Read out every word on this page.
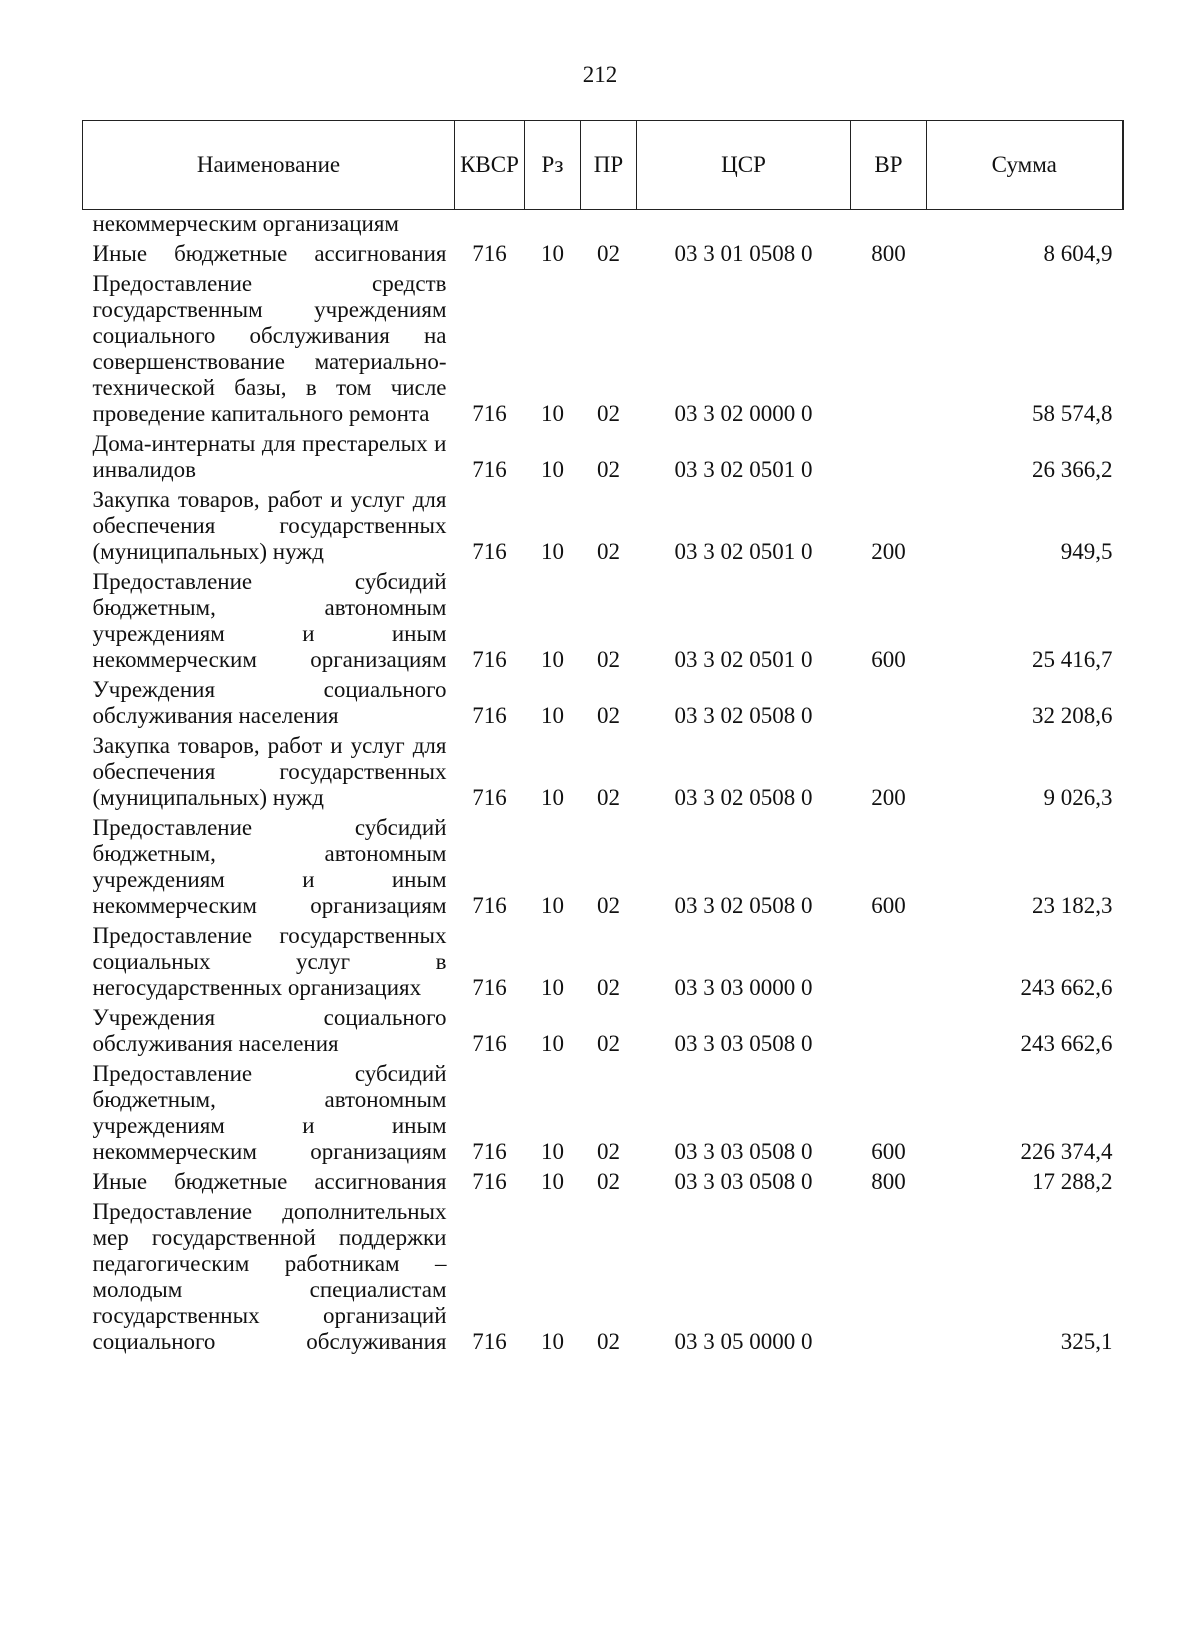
212
Наименование	КВСР	Рз	ПР	ЦСР	ВР	Сумма
некоммерческим организациям						
Иные бюджетные ассигнования	716	10	02	03 3 01 0508 0	800	8 604,9
Предоставление средств государственным учреждениям социального обслуживания на совершенствование материально-технической базы, в том числе проведение капитального ремонта	716	10	02	03 3 02 0000 0		58 574,8
Дома-интернаты для престарелых и инвалидов	716	10	02	03 3 02 0501 0		26 366,2
Закупка товаров, работ и услуг для обеспечения государственных (муниципальных) нужд	716	10	02	03 3 02 0501 0	200	949,5
Предоставление субсидий бюджетным, автономным учреждениям и иным некоммерческим организациям	716	10	02	03 3 02 0501 0	600	25 416,7
Учреждения социального обслуживания населения	716	10	02	03 3 02 0508 0		32 208,6
Закупка товаров, работ и услуг для обеспечения государственных (муниципальных) нужд	716	10	02	03 3 02 0508 0	200	9 026,3
Предоставление субсидий бюджетным, автономным учреждениям и иным некоммерческим организациям	716	10	02	03 3 02 0508 0	600	23 182,3
Предоставление государственных социальных услуг в негосударственных организациях	716	10	02	03 3 03 0000 0		243 662,6
Учреждения социального обслуживания населения	716	10	02	03 3 03 0508 0		243 662,6
Предоставление субсидий бюджетным, автономным учреждениям и иным некоммерческим организациям	716	10	02	03 3 03 0508 0	600	226 374,4
Иные бюджетные ассигнования	716	10	02	03 3 03 0508 0	800	17 288,2
Предоставление дополнительных мер государственной поддержки педагогическим работникам – молодым специалистам государственных организаций социального обслуживания	716	10	02	03 3 05 0000 0		325,1
